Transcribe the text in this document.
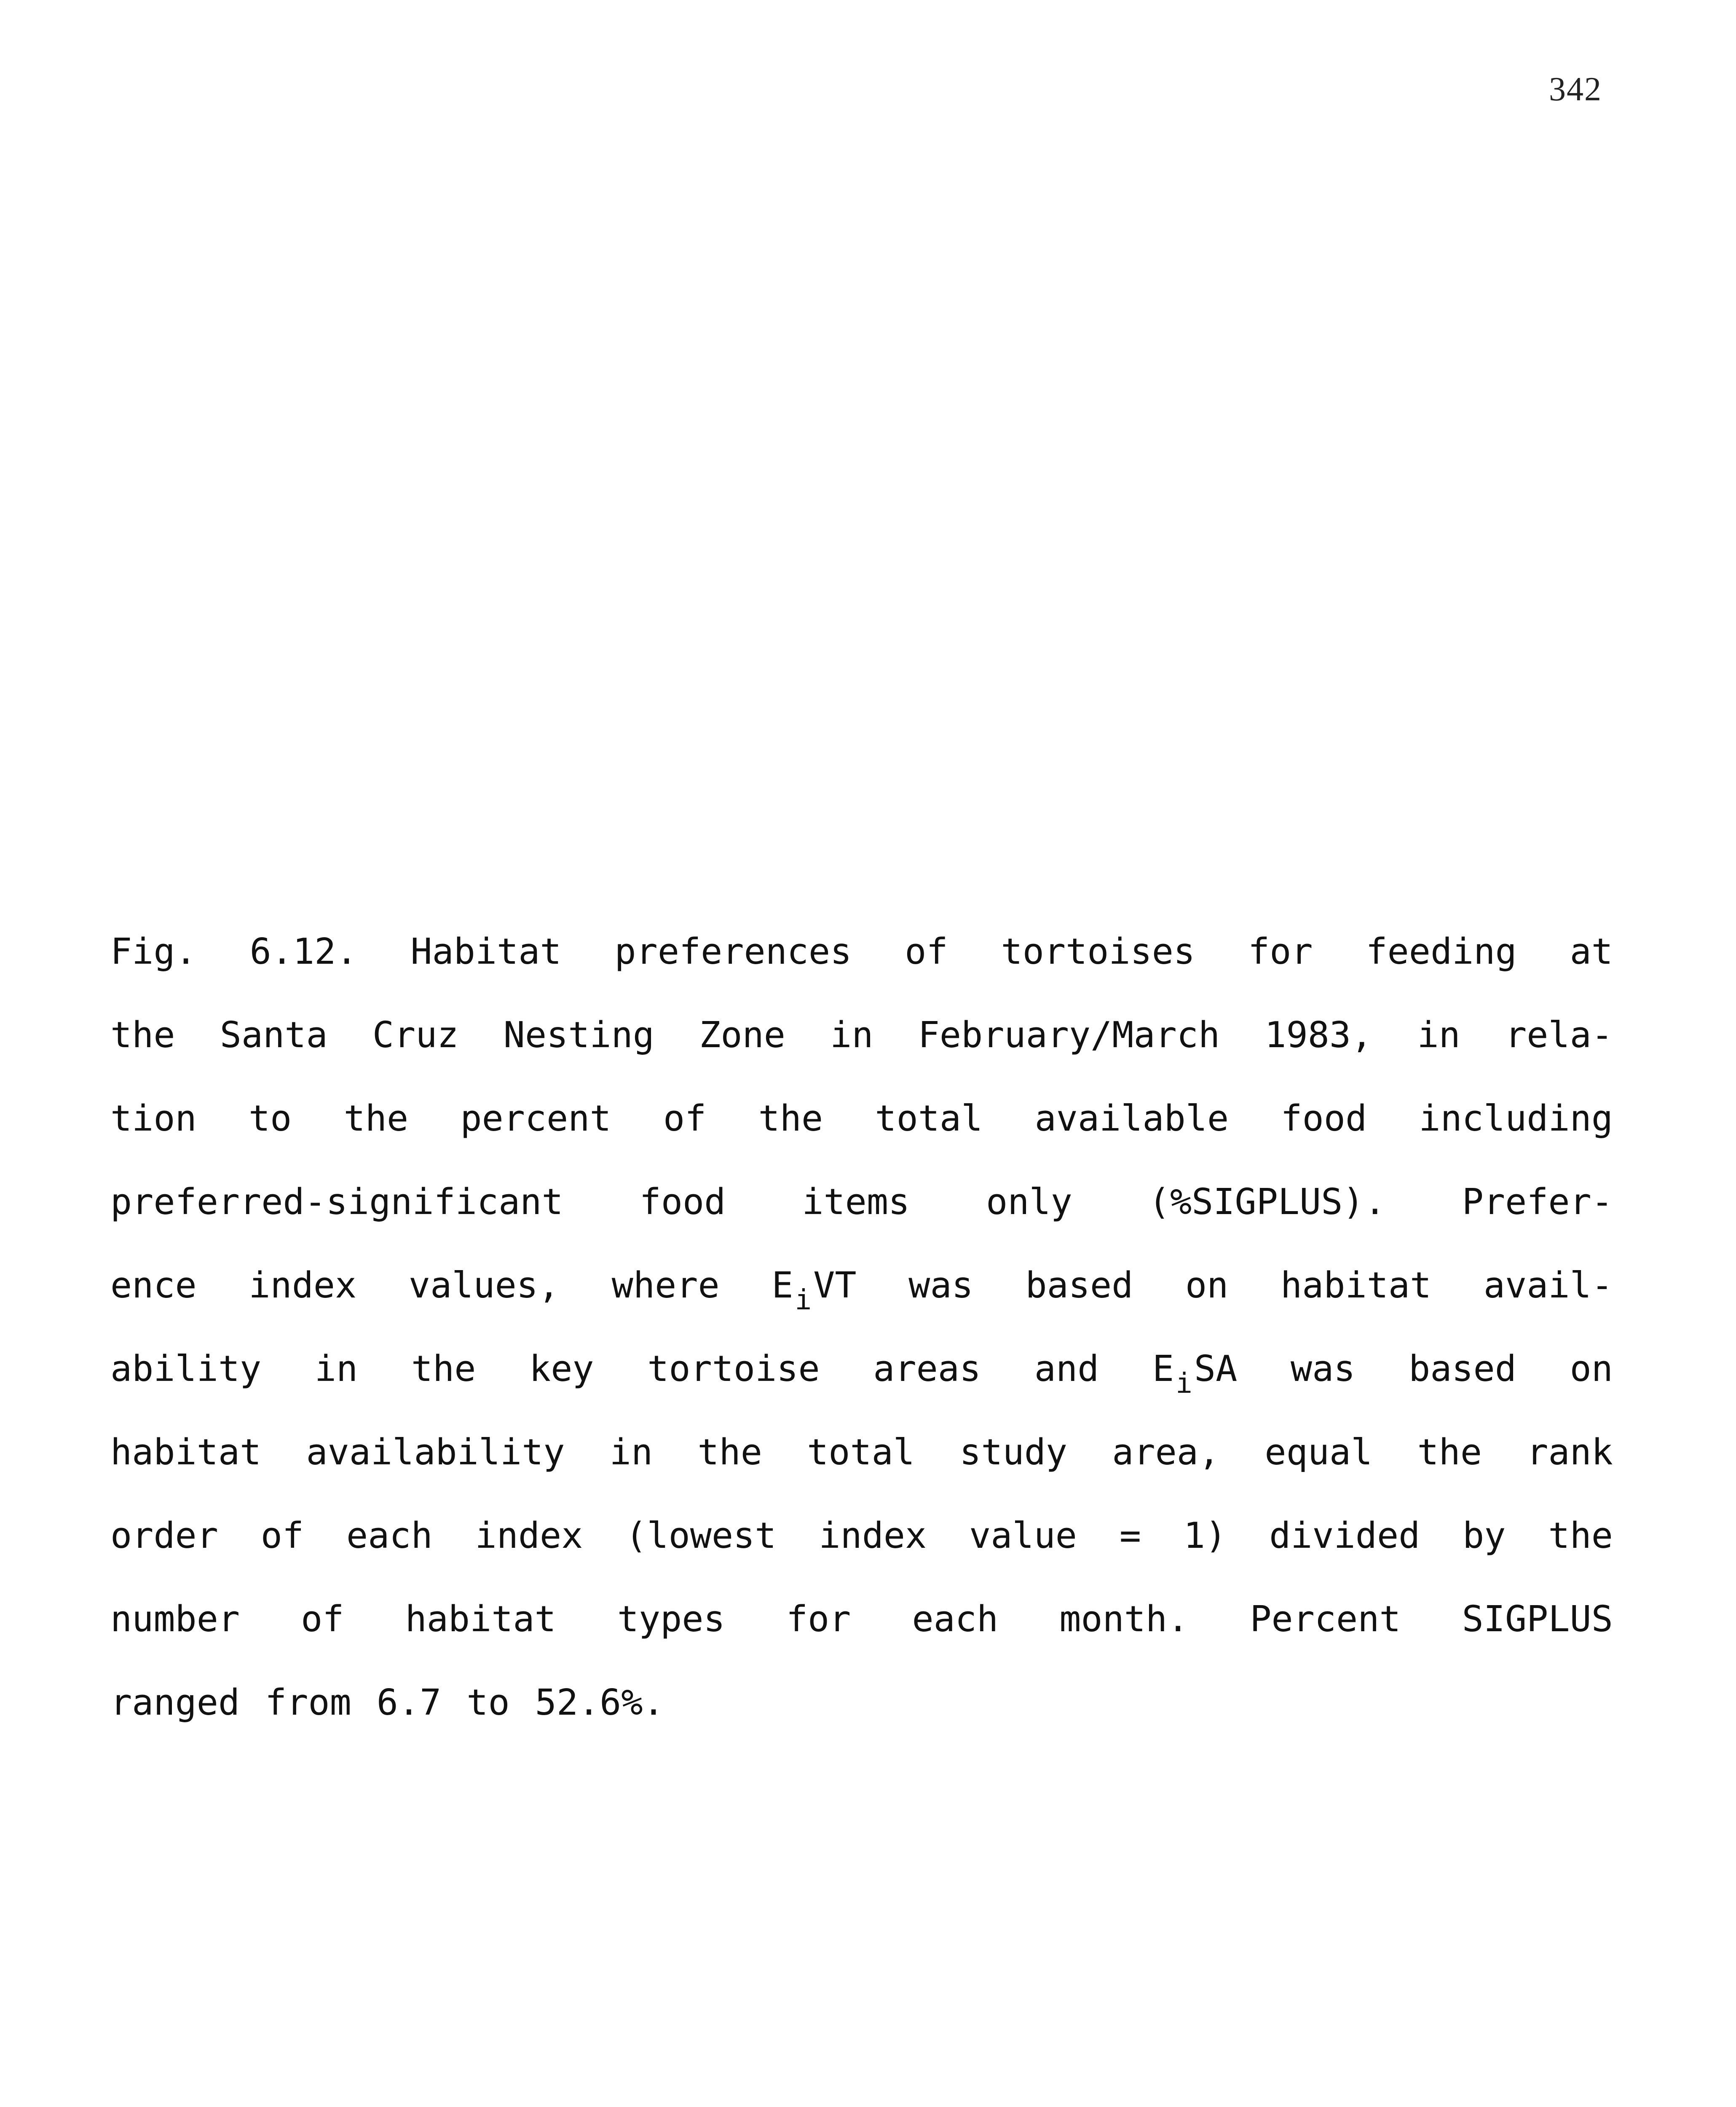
342
Fig. 6.12. Habitat preferences of tortoises for feeding at
the Santa Cruz Nesting Zone in February/March 1983, in rela-
tion to the percent of the total available food including
preferred-significant food items only (%SIGPLUS). Prefer-
ence index values, where $E_iVT$ was based on habitat avail-
ability in the key tortoise areas and $E_iSA$ was based on
habitat availability in the total study area, equal the rank
order of each index (lowest index value = 1) divided by the
number of habitat types for each month. Percent SIGPLUS
ranged from 6.7 to 52.6%.
